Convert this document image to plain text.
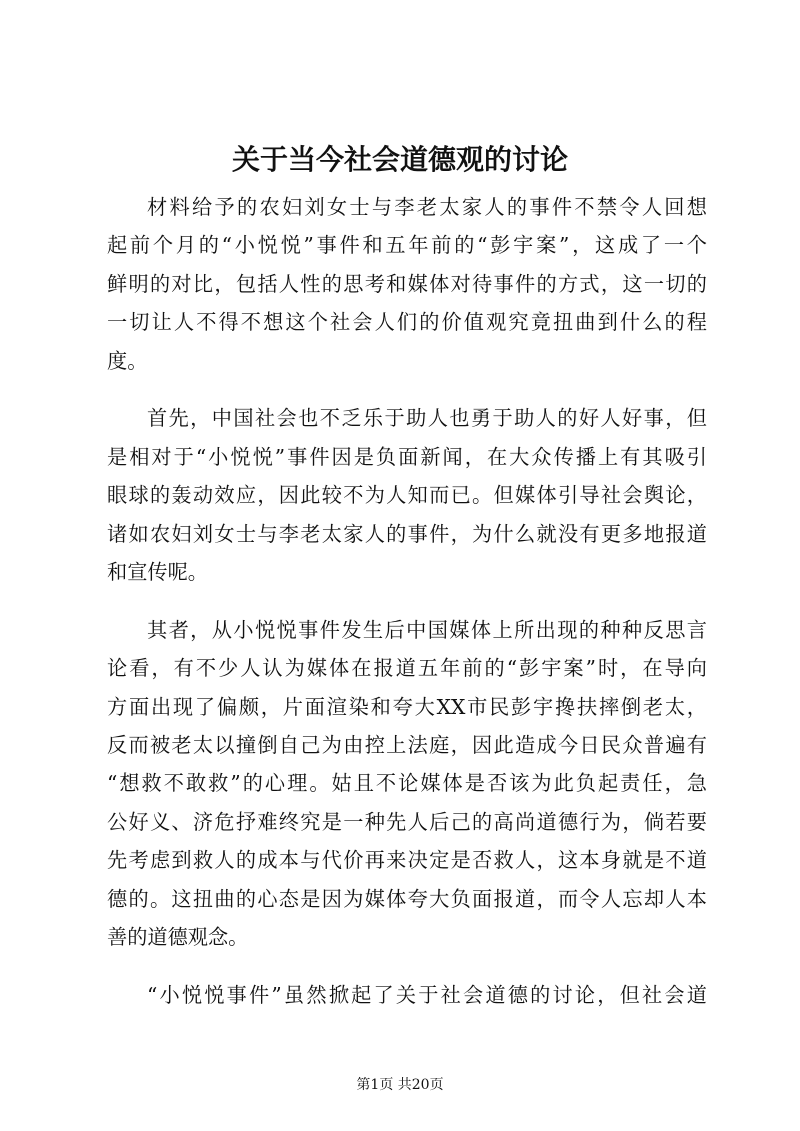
关于当今社会道德观的讨论
材料给予的农妇刘女士与李老太家人的事件不禁令人回想
起前个月的“小悦悦”事件和五年前的“彭宇案”，这成了一个
鲜明的对比，包括人性的思考和媒体对待事件的方式，这一切的
一切让人不得不想这个社会人们的价值观究竟扭曲到什么的程
度。
首先，中国社会也不乏乐于助人也勇于助人的好人好事，但
是相对于“小悦悦”事件因是负面新闻，在大众传播上有其吸引
眼球的轰动效应，因此较不为人知而已。但媒体引导社会舆论，
诸如农妇刘女士与李老太家人的事件，为什么就没有更多地报道
和宣传呢。
其者，从小悦悦事件发生后中国媒体上所出现的种种反思言
论看，有不少人认为媒体在报道五年前的“彭宇案”时，在导向
方面出现了偏颇，片面渲染和夸大XX市民彭宇搀扶摔倒老太，
反而被老太以撞倒自己为由控上法庭，因此造成今日民众普遍有
“想救不敢救”的心理。姑且不论媒体是否该为此负起责任，急
公好义、济危抒难终究是一种先人后己的高尚道德行为，倘若要
先考虑到救人的成本与代价再来决定是否救人，这本身就是不道
德的。这扭曲的心态是因为媒体夸大负面报道，而令人忘却人本
善的道德观念。
“小悦悦事件”虽然掀起了关于社会道德的讨论，但社会道
第1页 共20页
